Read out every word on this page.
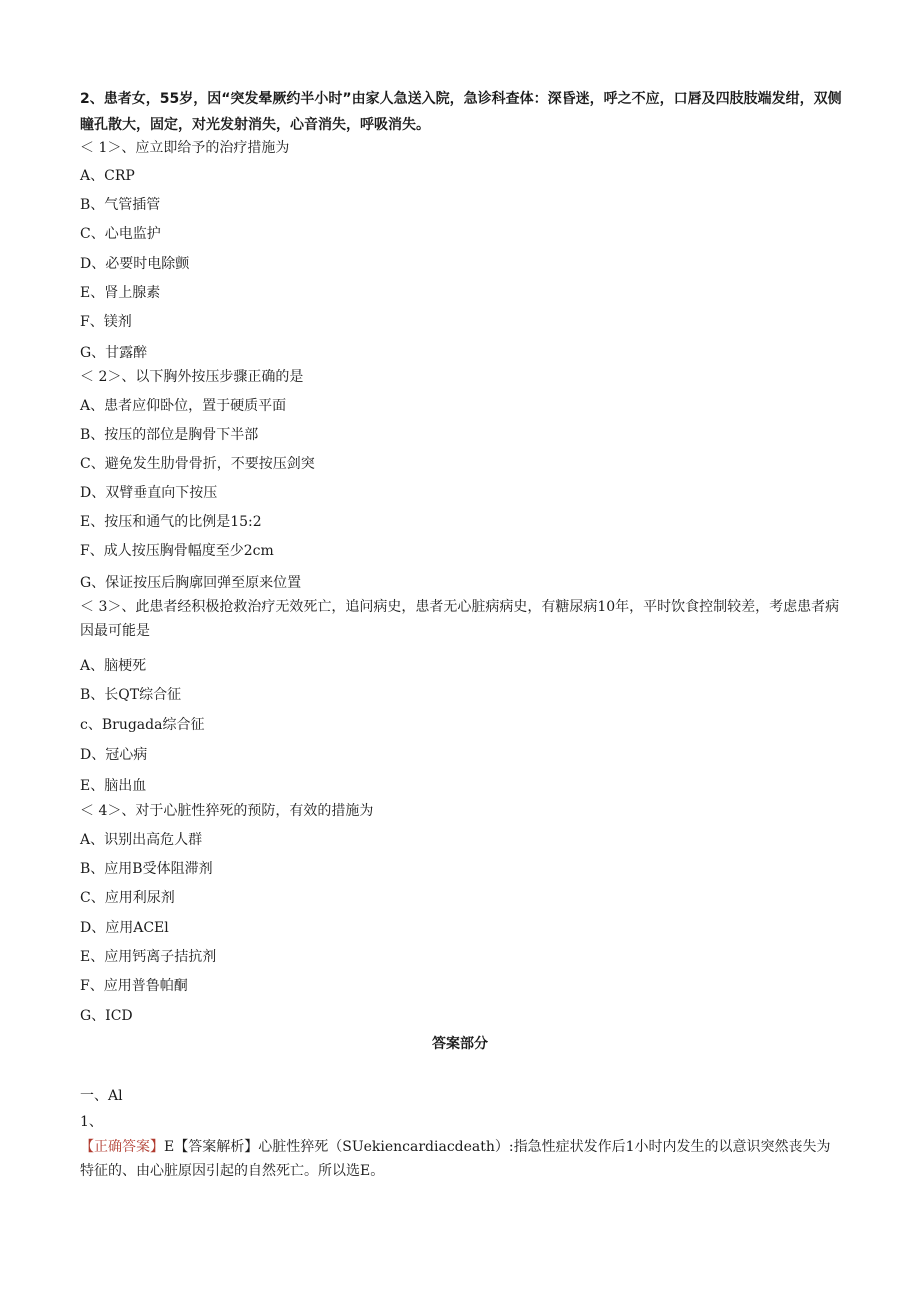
2、患者女，55岁，因“突发晕厥约半小时”由家人急送入院，急诊科查体：深昏迷，呼之不应，口唇及四肢肢端发绀，双侧瞳孔散大，固定，对光发射消失，心音消失，呼吸消失。
＜ 1＞、应立即给予的治疗措施为
A、CRP
B、气管插管
C、心电监护
D、必要时电除颤
E、肾上腺素
F、镁剂
G、甘露醉
＜ 2＞、以下胸外按压步骤正确的是
A、患者应仰卧位，置于硬质平面
B、按压的部位是胸骨下半部
C、避免发生肋骨骨折，不要按压剑突
D、双臂垂直向下按压
E、按压和通气的比例是15:2
F、成人按压胸骨幅度至少2cm
G、保证按压后胸廓回弹至原来位置
＜ 3＞、此患者经积极抢救治疗无效死亡，追问病史，患者无心脏病病史，有糖尿病10年，平时饮食控制较差，考虑患者病因最可能是
A、脑梗死
B、长QT综合征
c、Brugada综合征
D、冠心病
E、脑出血
＜ 4＞、对于心脏性猝死的预防，有效的措施为
A、识别出高危人群
B、应用B受体阻滞剂
C、应用利尿剂
D、应用ACEl
E、应用钙离子拮抗剂
F、应用普鲁帕酮
G、ICD
答案部分
一、Al
1、
【正确答案】E【答案解析】心脏性猝死（SUekiencardiacdeath）:指急性症状发作后1小时内发生的以意识突然丧失为特征的、由心脏原因引起的自然死亡。所以选E。
